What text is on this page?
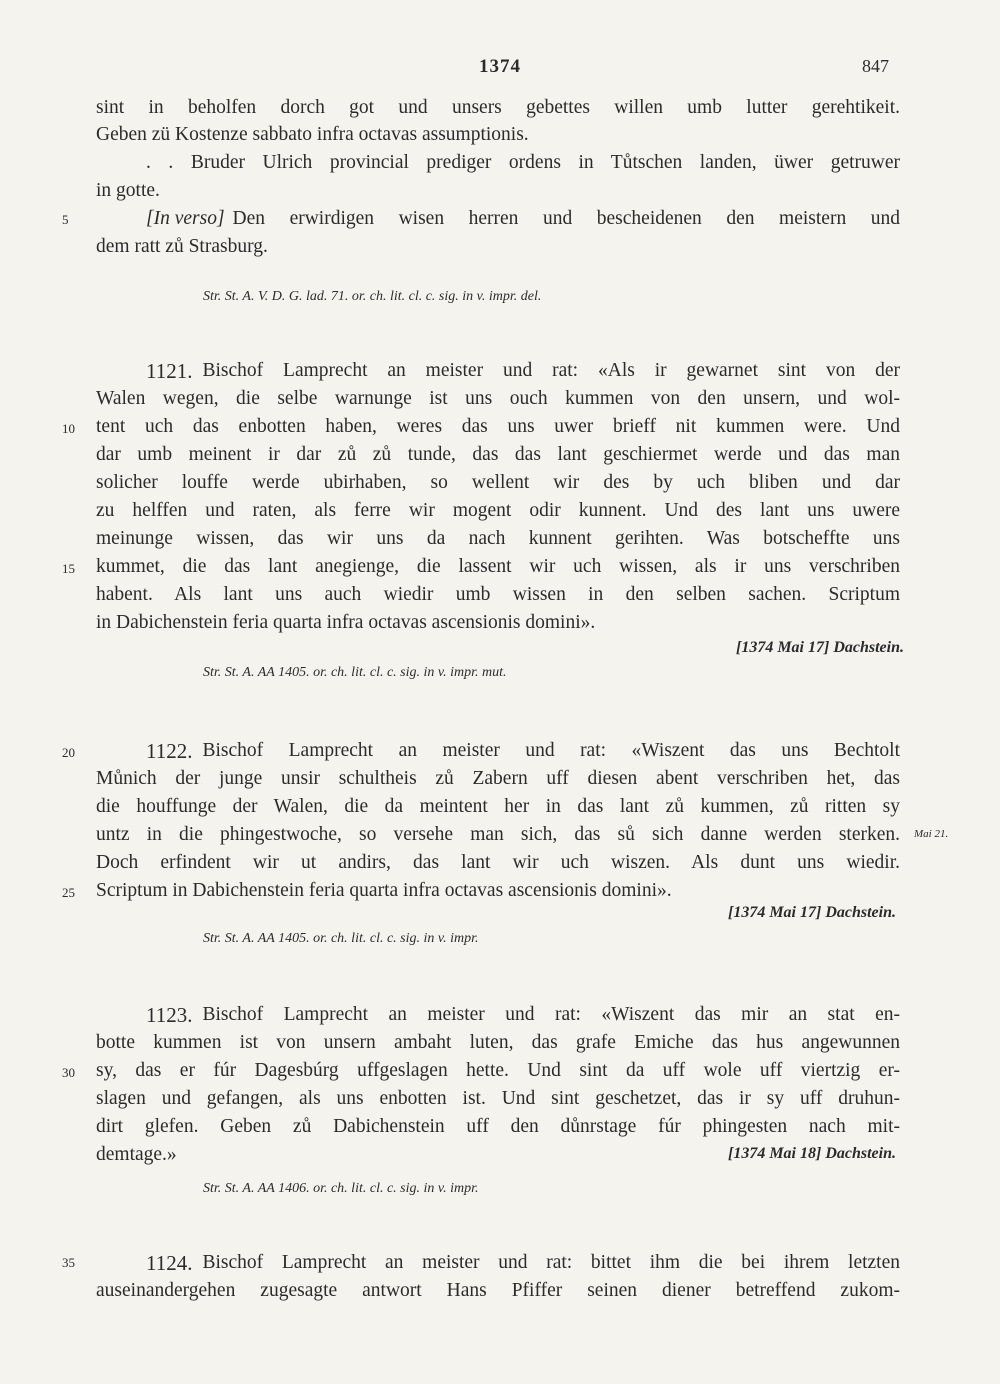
1374	847
sint in beholfen dorch got und unsers gebettes willen umb lutter gerehtikeit.
Geben zü Kostenze sabbato infra octavas assumptionis.
. . Bruder Ulrich provincial prediger ordens in Tůtschen landen, üwer getruwer
in gotte.
5	[In verso] Den erwirdigen wisen herren und bescheidenen den meistern und
dem ratt zů Strasburg.
Str. St. A. V. D. G. lad. 71. or. ch. lit. cl. c. sig. in v. impr. del.
1121. Bischof Lamprecht an meister und rat: «Als ir gewarnet sint von der
Walen wegen, die selbe warnunge ist uns ouch kummen von den unsern, und wol-
10	tent uch das enbotten haben, weres das uns uwer brieff nit kummen were. Und
dar umb meinent ir dar zů zů tunde, das das lant geschiermet werde und das man
solicher louffe werde ubirhaben, so wellent wir des by uch bliben und dar
zu helffen und raten, als ferre wir mogent odir kunnent. Und des lant uns uwere
meinunge wissen, das wir uns da nach kunnent gerihten. Was botscheffte uns
15	kummet, die das lant anegienge, die lassent wir uch wissen, als ir uns verschriben
habent. Als lant uns auch wiedir umb wissen in den selben sachen. Scriptum
in Dabichenstein feria quarta infra octavas ascensionis domini».
[1374 Mai 17] Dachstein.
Str. St. A. AA 1405. or. ch. lit. cl. c. sig. in v. impr. mut.
20	1122. Bischof Lamprecht an meister und rat: «Wiszent das uns Bechtolt
Můnich der junge unsir schultheis zů Zabern uff diesen abent verschriben het, das
die houffunge der Walen, die da meintent her in das lant zů kummen, zů ritten sy
untz in die phingestwoche, so versehe man sich, das sů sich danne werden sterken. Mai 21.
Doch erfindent wir ut andirs, das lant wir uch wiszen. Als dunt uns wiedir.
25	Scriptum in Dabichenstein feria quarta infra octavas ascensionis domini».
[1374 Mai 17] Dachstein.
Str. St. A. AA 1405. or. ch. lit. cl. c. sig. in v. impr.
1123. Bischof Lamprecht an meister und rat: «Wiszent das mir an stat en-
botte kummen ist von unsern ambaht luten, das grafe Emiche das hus angewunnen
30	sy, das er fúr Dagesbúrg uffgeslagen hette. Und sint da uff wole uff viertzig er-
slagen und gefangen, als uns enbotten ist. Und sint geschetzet, das ir sy uff druhun-
dirt glefen. Geben zů Dabichenstein uff den důnrstage fúr phingesten nach mit-
demtage.»	[1374 Mai 18] Dachstein.
Str. St. A. AA 1406. or. ch. lit. cl. c. sig. in v. impr.
35	1124. Bischof Lamprecht an meister und rat: bittet ihm die bei ihrem letzten
auseinandergehen zugesagte antwort Hans Pfiffer seinen diener betreffend zukom-
